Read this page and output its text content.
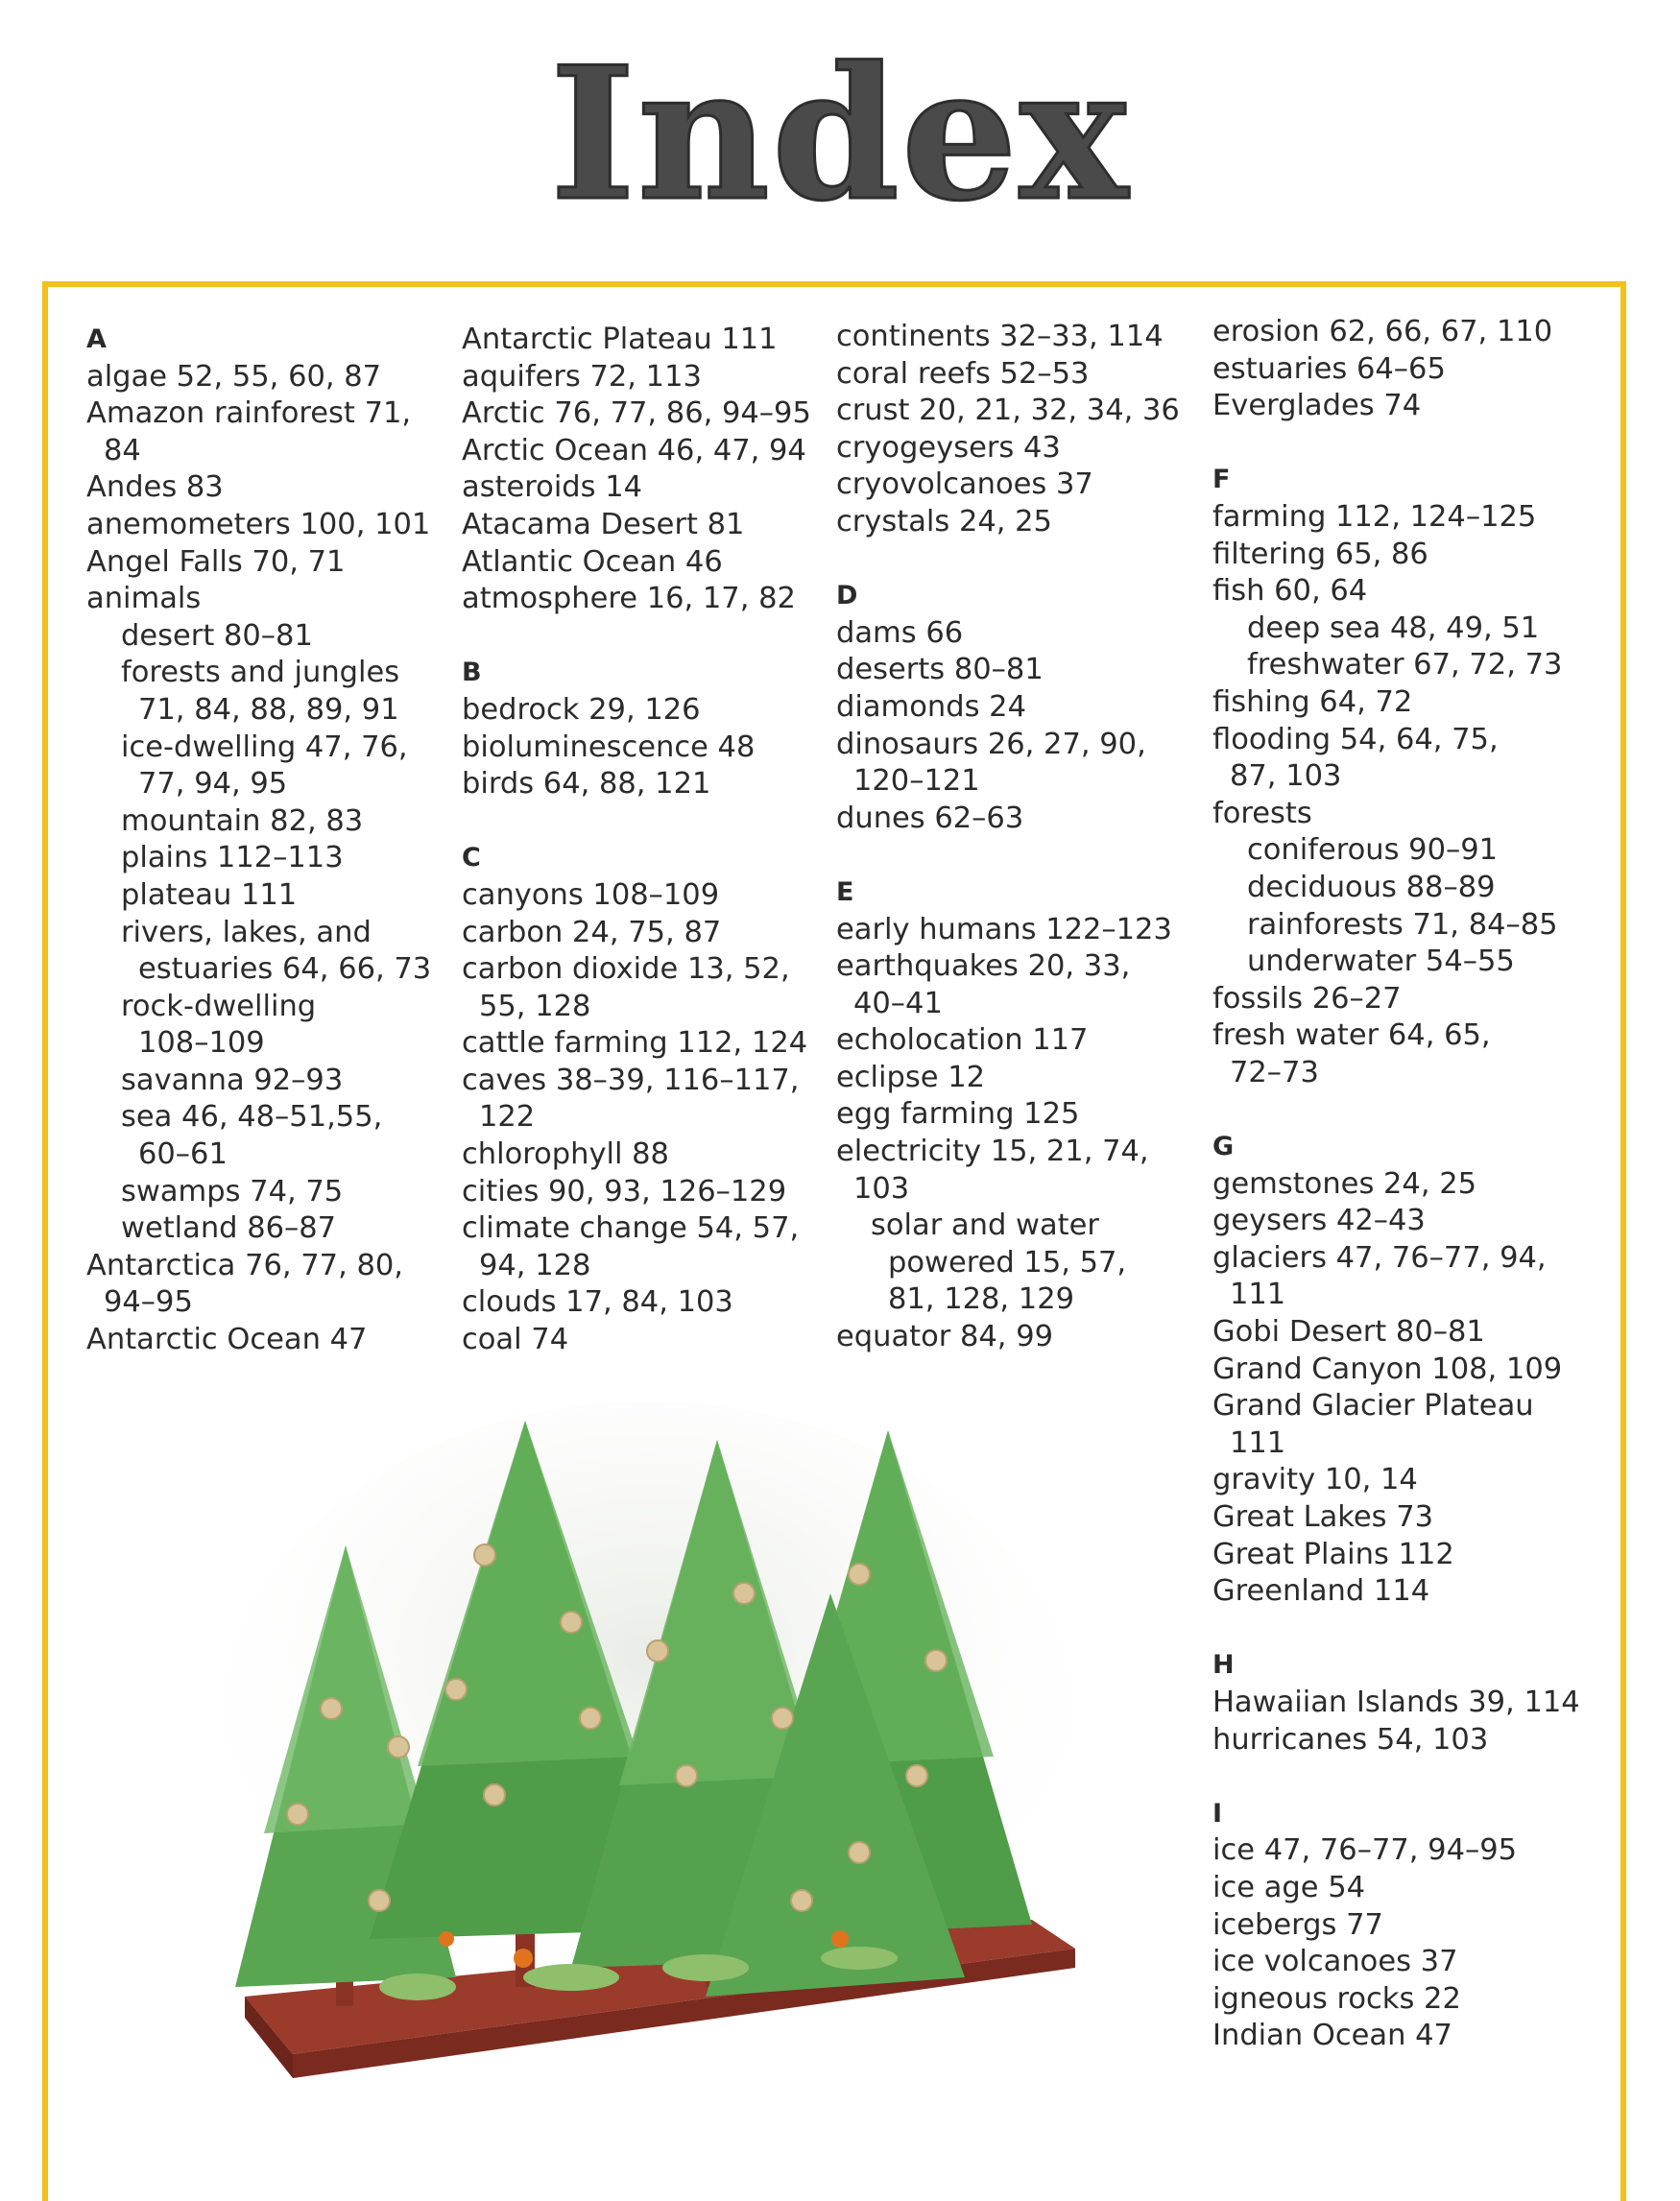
Index
A
algae 52, 55, 60, 87
Amazon rainforest 71,
84
Andes 83
anemometers 100, 101
Angel Falls 70, 71
animals
desert 80–81
forests and jungles
71, 84, 88, 89, 91
ice-dwelling 47, 76,
77, 94, 95
mountain 82, 83
plains 112–113
plateau 111
rivers, lakes, and
estuaries 64, 66, 73
rock-dwelling
108–109
savanna 92–93
sea 46, 48–51,55,
60–61
swamps 74, 75
wetland 86–87
Antarctica 76, 77, 80,
94–95
Antarctic Ocean 47
Antarctic Plateau 111
aquifers 72, 113
Arctic 76, 77, 86, 94–95
Arctic Ocean 46, 47, 94
asteroids 14
Atacama Desert 81
Atlantic Ocean 46
atmosphere 16, 17, 82
B
bedrock 29, 126
bioluminescence 48
birds 64, 88, 121
C
canyons 108–109
carbon 24, 75, 87
carbon dioxide 13, 52,
55, 128
cattle farming 112, 124
caves 38–39, 116–117,
122
chlorophyll 88
cities 90, 93, 126–129
climate change 54, 57,
94, 128
clouds 17, 84, 103
coal 74
continents 32–33, 114
coral reefs 52–53
crust 20, 21, 32, 34, 36
cryogeysers 43
cryovolcanoes 37
crystals 24, 25
D
dams 66
deserts 80–81
diamonds 24
dinosaurs 26, 27, 90,
120–121
dunes 62–63
E
early humans 122–123
earthquakes 20, 33,
40–41
echolocation 117
eclipse 12
egg farming 125
electricity 15, 21, 74,
103
solar and water
powered 15, 57,
81, 128, 129
equator 84, 99
erosion 62, 66, 67, 110
estuaries 64–65
Everglades 74
F
farming 112, 124–125
filtering 65, 86
fish 60, 64
deep sea 48, 49, 51
freshwater 67, 72, 73
fishing 64, 72
flooding 54, 64, 75,
87, 103
forests
coniferous 90–91
deciduous 88–89
rainforests 71, 84–85
underwater 54–55
fossils 26–27
fresh water 64, 65,
72–73
G
gemstones 24, 25
geysers 42–43
glaciers 47, 76–77, 94,
111
Gobi Desert 80–81
Grand Canyon 108, 109
Grand Glacier Plateau
111
gravity 10, 14
Great Lakes 73
Great Plains 112
Greenland 114
H
Hawaiian Islands 39, 114
hurricanes 54, 103
I
ice 47, 76–77, 94–95
ice age 54
icebergs 77
ice volcanoes 37
igneous rocks 22
Indian Ocean 47
